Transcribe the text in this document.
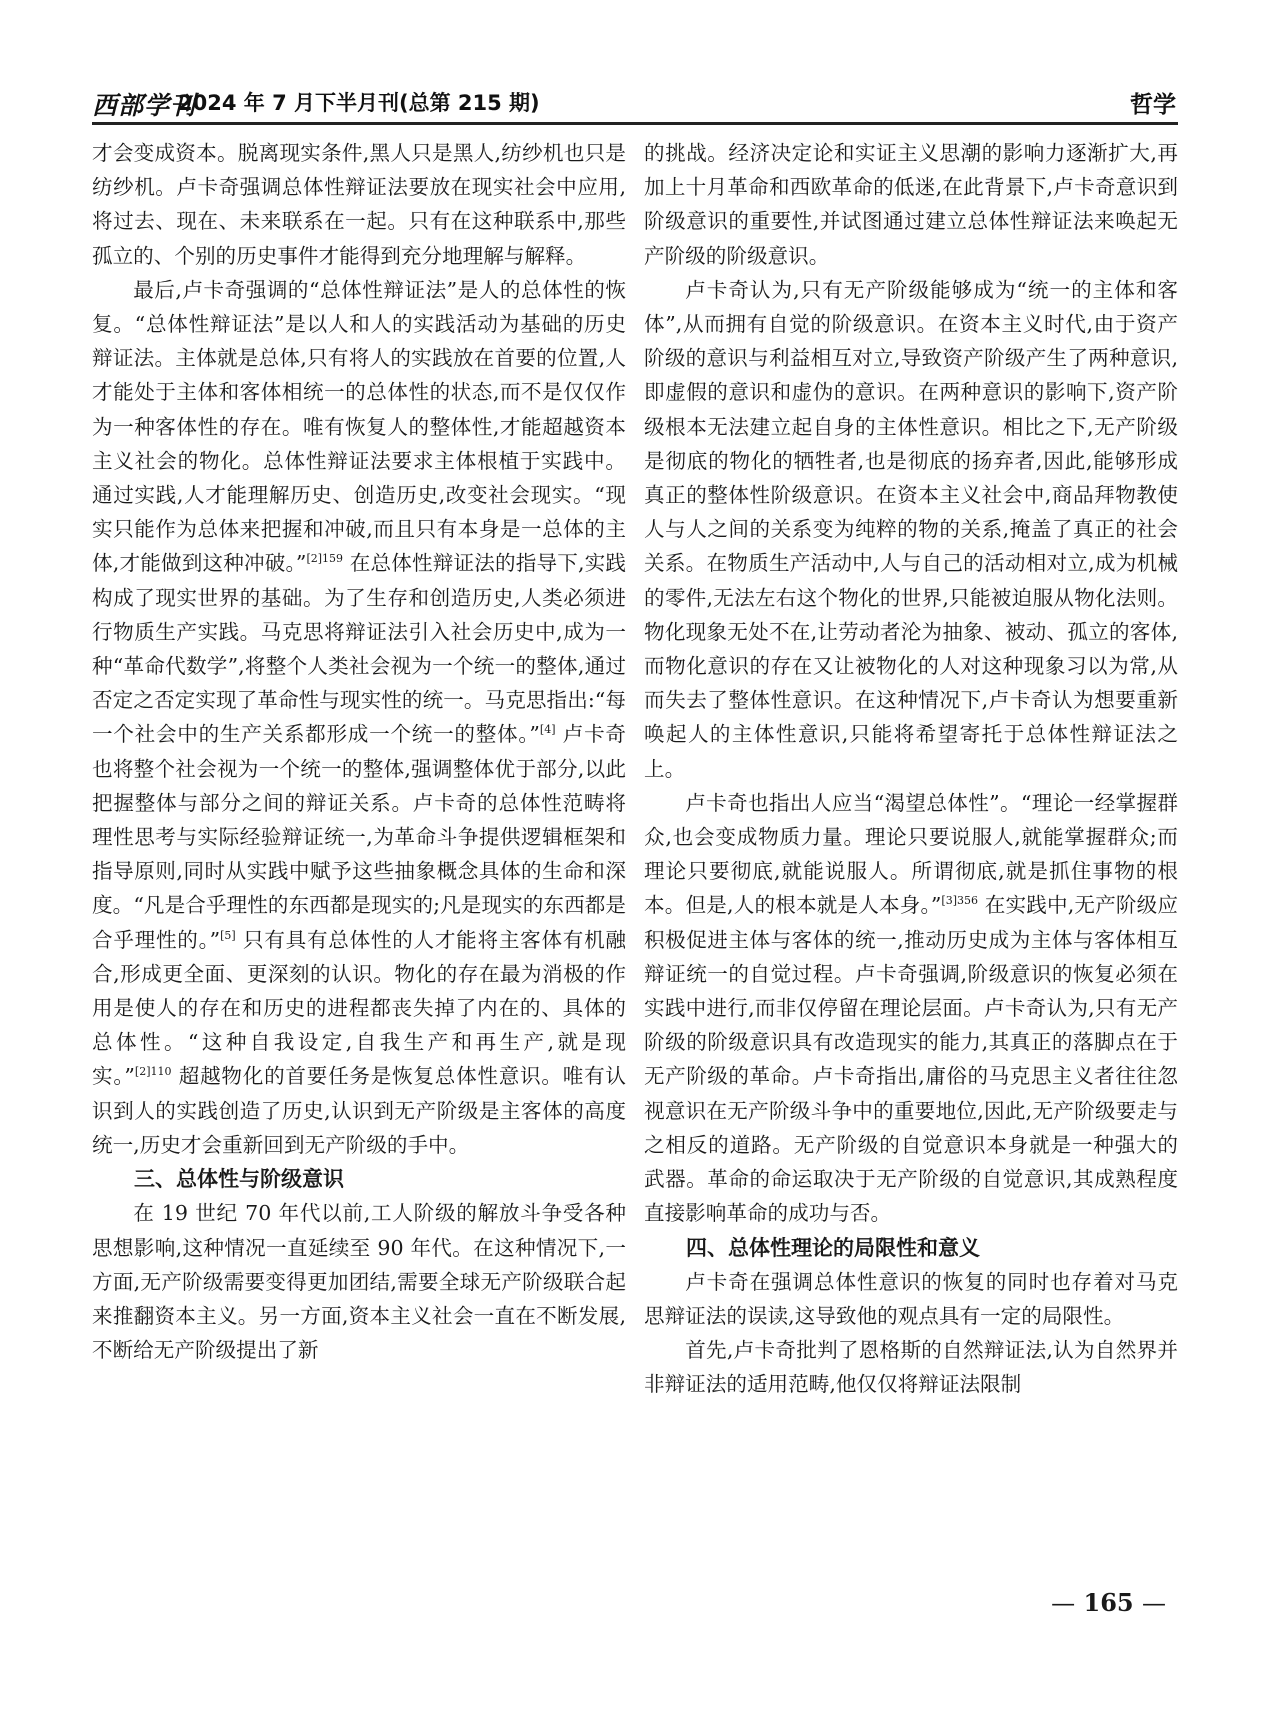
西部学刊
2024 年 7 月下半月刊(总第 215 期)	哲学

才会变成资本。脱离现实条件,黑人只是黑人,纺纱机也只是纺纱机。卢卡奇强调总体性辩证法要放在现实社会中应用,将过去、现在、未来联系在一起。只有在这种联系中,那些孤立的、个别的历史事件才能得到充分地理解与解释。

最后,卢卡奇强调的“总体性辩证法”是人的总体性的恢复。“总体性辩证法”是以人和人的实践活动为基础的历史辩证法。主体就是总体,只有将人的实践放在首要的位置,人才能处于主体和客体相统一的总体性的状态,而不是仅仅作为一种客体性的存在。唯有恢复人的整体性,才能超越资本主义社会的物化。总体性辩证法要求主体根植于实践中。通过实践,人才能理解历史、创造历史,改变社会现实。“现实只能作为总体来把握和冲破,而且只有本身是一总体的主体,才能做到这种冲破。”$^{[2]159}$ 在总体性辩证法的指导下,实践构成了现实世界的基础。为了生存和创造历史,人类必须进行物质生产实践。马克思将辩证法引入社会历史中,成为一种“革命代数学”,将整个人类社会视为一个统一的整体,通过否定之否定实现了革命性与现实性的统一。马克思指出:“每一个社会中的生产关系都形成一个统一的整体。”[4] 卢卡奇也将整个社会视为一个统一的整体,强调整体优于部分,以此把握整体与部分之间的辩证关系。卢卡奇的总体性范畴将理性思考与实际经验辩证统一,为革命斗争提供逻辑框架和指导原则,同时从实践中赋予这些抽象概念具体的生命和深度。“凡是合乎理性的东西都是现实的;凡是现实的东西都是合乎理性的。”[5] 只有具有总体性的人才能将主客体有机融合,形成更全面、更深刻的认识。物化的存在最为消极的作用是使人的存在和历史的进程都丧失掉了内在的、具体的总体性。“这种自我设定,自我生产和再生产,就是现实。”$^{[2]110}$ 超越物化的首要任务是恢复总体性意识。唯有认识到人的实践创造了历史,认识到无产阶级是主客体的高度统一,历史才会重新回到无产阶级的手中。

三、总体性与阶级意识

在 19 世纪 70 年代以前,工人阶级的解放斗争受各种思想影响,这种情况一直延续至 90 年代。在这种情况下,一方面,无产阶级需要变得更加团结,需要全球无产阶级联合起来推翻资本主义。另一方面,资本主义社会一直在不断发展,不断给无产阶级提出了新

的挑战。经济决定论和实证主义思潮的影响力逐渐扩大,再加上十月革命和西欧革命的低迷,在此背景下,卢卡奇意识到阶级意识的重要性,并试图通过建立总体性辩证法来唤起无产阶级的阶级意识。

卢卡奇认为,只有无产阶级能够成为“统一的主体和客体”,从而拥有自觉的阶级意识。在资本主义时代,由于资产阶级的意识与利益相互对立,导致资产阶级产生了两种意识,即虚假的意识和虚伪的意识。在两种意识的影响下,资产阶级根本无法建立起自身的主体性意识。相比之下,无产阶级是彻底的物化的牺牲者,也是彻底的扬弃者,因此,能够形成真正的整体性阶级意识。在资本主义社会中,商品拜物教使人与人之间的关系变为纯粹的物的关系,掩盖了真正的社会关系。在物质生产活动中,人与自己的活动相对立,成为机械的零件,无法左右这个物化的世界,只能被迫服从物化法则。物化现象无处不在,让劳动者沦为抽象、被动、孤立的客体,而物化意识的存在又让被物化的人对这种现象习以为常,从而失去了整体性意识。在这种情况下,卢卡奇认为想要重新唤起人的主体性意识,只能将希望寄托于总体性辩证法之上。

卢卡奇也指出人应当“渴望总体性”。“理论一经掌握群众,也会变成物质力量。理论只要说服人,就能掌握群众;而理论只要彻底,就能说服人。所谓彻底,就是抓住事物的根本。但是,人的根本就是人本身。”$^{[3]356}$ 在实践中,无产阶级应积极促进主体与客体的统一,推动历史成为主体与客体相互辩证统一的自觉过程。卢卡奇强调,阶级意识的恢复必须在实践中进行,而非仅停留在理论层面。卢卡奇认为,只有无产阶级的阶级意识具有改造现实的能力,其真正的落脚点在于无产阶级的革命。卢卡奇指出,庸俗的马克思主义者往往忽视意识在无产阶级斗争中的重要地位,因此,无产阶级要走与之相反的道路。无产阶级的自觉意识本身就是一种强大的武器。革命的命运取决于无产阶级的自觉意识,其成熟程度直接影响革命的成功与否。

四、总体性理论的局限性和意义

卢卡奇在强调总体性意识的恢复的同时也存着对马克思辩证法的误读,这导致他的观点具有一定的局限性。

首先,卢卡奇批判了恩格斯的自然辩证法,认为自然界并非辩证法的适用范畴,他仅仅将辩证法限制

— 165 —
